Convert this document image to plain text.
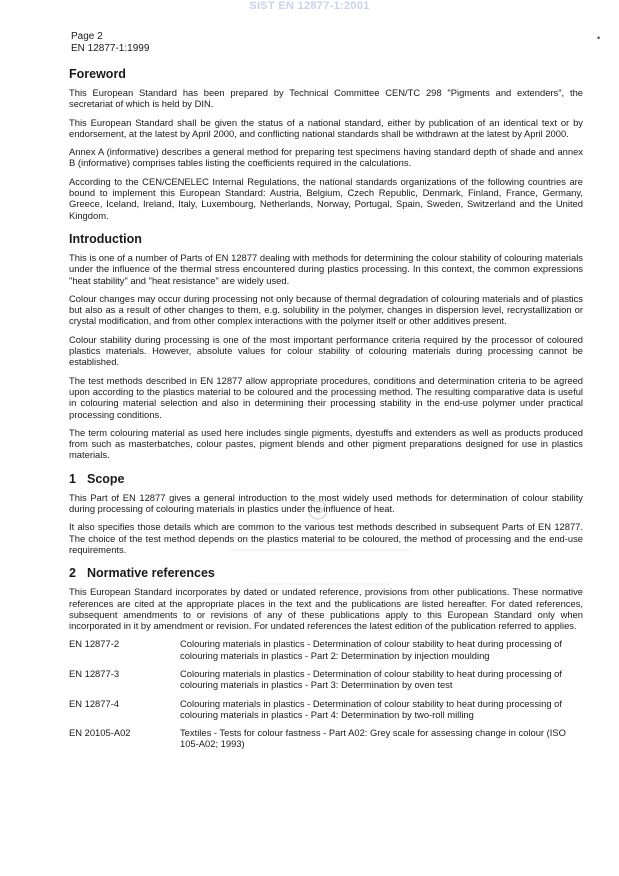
SIST EN 12877-1:2001
Page 2
EN 12877-1:1999
•
Foreword

This European Standard has been prepared by Technical Committee CEN/TC 298 "Pigments and extenders", the secretariat of which is held by DIN.

This European Standard shall be given the status of a national standard, either by publication of an identical text or by endorsement, at the latest by April 2000, and conflicting national standards shall be withdrawn at the latest by April 2000.

Annex A (informative) describes a general method for preparing test specimens having standard depth of shade and annex B (informative) comprises tables listing the coefficients required in the calculations.

According to the CEN/CENELEC Internal Regulations, the national standards organizations of the following countries are bound to implement this European Standard: Austria, Belgium, Czech Republic, Denmark, Finland, France, Germany, Greece, Iceland, Ireland, Italy, Luxembourg, Netherlands, Norway, Portugal, Spain, Sweden, Switzerland and the United Kingdom.

Introduction

This is one of a number of Parts of EN 12877 dealing with methods for determining the colour stability of colouring materials under the influence of the thermal stress encountered during plastics processing. In this context, the common expressions "heat stability" and "heat resistance" are widely used.

Colour changes may occur during processing not only because of thermal degradation of colouring materials and of plastics but also as a result of other changes to them, e.g. solubility in the polymer, changes in dispersion level, recrystallization or crystal modification, and from other complex interactions with the polymer itself or other additives present.

Colour stability during processing is one of the most important performance criteria required by the processor of coloured plastics materials. However, absolute values for colour stability of colouring materials during processing cannot be established.

The test methods described in EN 12877 allow appropriate procedures, conditions and determination criteria to be agreed upon according to the plastics material to be coloured and the processing method. The resulting comparative data is useful in colouring material selection and also in determining their processing stability in the end-use polymer under practical processing conditions.

The term colouring material as used here includes single pigments, dyestuffs and extenders as well as products produced from such as masterbatches, colour pastes, pigment blends and other pigment preparations designed for use in plastics materials.

1 Scope

This Part of EN 12877 gives a general introduction to the most widely used methods for determination of colour stability during processing of colouring materials in plastics under the influence of heat.

It also specifies those details which are common to the various test methods described in subsequent Parts of EN 12877. The choice of the test method depends on the plastics material to be coloured, the method of processing and the end-use requirements.

2 Normative references

This European Standard incorporates by dated or undated reference, provisions from other publications. These normative references are cited at the appropriate places in the text and the publications are listed hereafter. For dated references, subsequent amendments to or revisions of any of these publications apply to this European Standard only when incorporated in it by amendment or revision. For undated references the latest edition of the publication referred to applies.

EN 12877-2	Colouring materials in plastics - Determination of colour stability to heat during processing of colouring materials in plastics - Part 2: Determination by injection moulding
EN 12877-3	Colouring materials in plastics - Determination of colour stability to heat during processing of colouring materials in plastics - Part 3: Determination by oven test
EN 12877-4	Colouring materials in plastics - Determination of colour stability to heat during processing of colouring materials in plastics - Part 4: Determination by two-roll milling
EN 20105-A02	Textiles - Tests for colour fastness - Part A02: Grey scale for assessing change in colour (ISO 105-A02; 1993)
